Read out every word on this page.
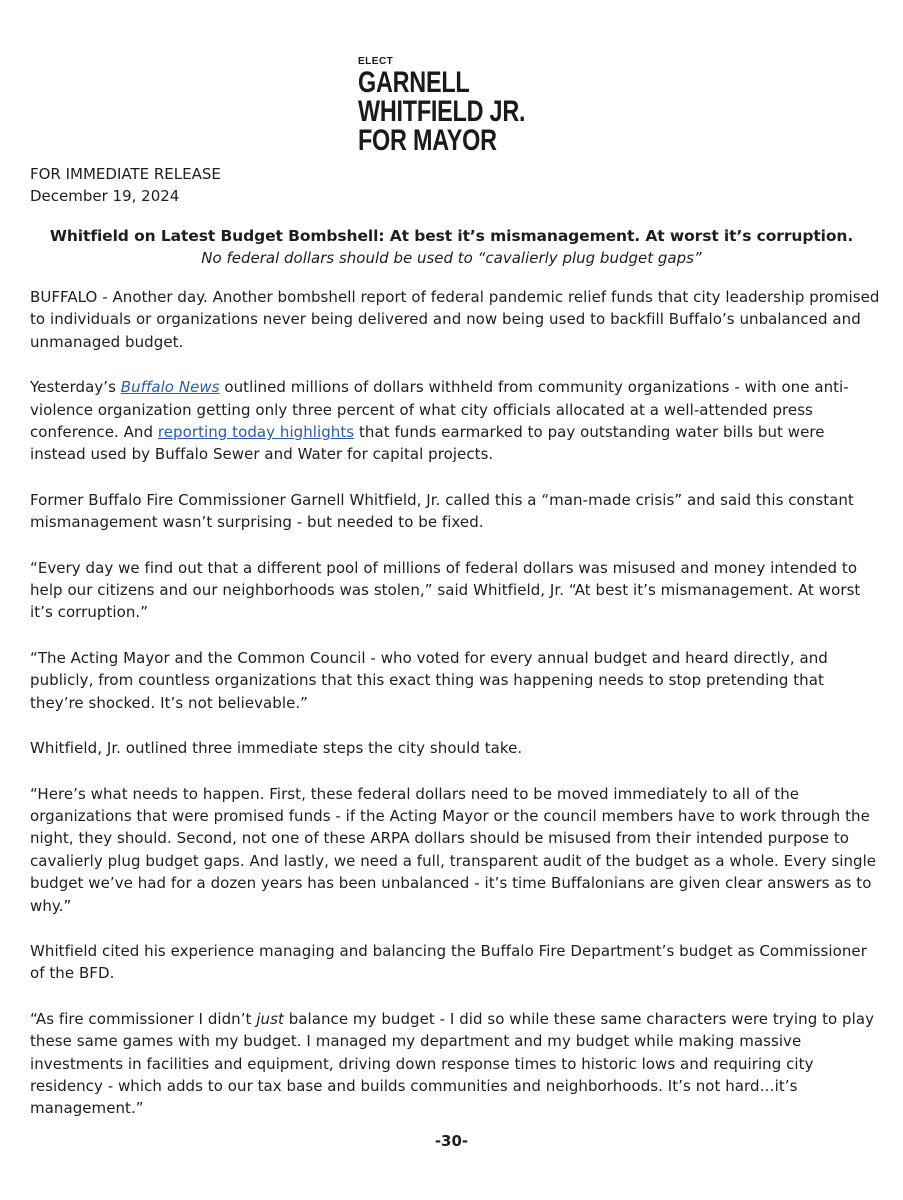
ELECT
GARNELL
WHITFIELD JR.
FOR MAYOR
FOR IMMEDIATE RELEASE
December 19, 2024
Whitfield on Latest Budget Bombshell: At best it’s mismanagement. At worst it’s corruption.
No federal dollars should be used to “cavalierly plug budget gaps”

BUFFALO - Another day. Another bombshell report of federal pandemic relief funds that city leadership promised to individuals or organizations never being delivered and now being used to backfill Buffalo’s unbalanced and unmanaged budget.

Yesterday’s Buffalo News outlined millions of dollars withheld from community organizations - with one anti-violence organization getting only three percent of what city officials allocated at a well-attended press conference. And reporting today highlights that funds earmarked to pay outstanding water bills but were instead used by Buffalo Sewer and Water for capital projects.

Former Buffalo Fire Commissioner Garnell Whitfield, Jr. called this a “man-made crisis” and said this constant mismanagement wasn’t surprising - but needed to be fixed.

“Every day we find out that a different pool of millions of federal dollars was misused and money intended to help our citizens and our neighborhoods was stolen,” said Whitfield, Jr. “At best it’s mismanagement. At worst it’s corruption.”

“The Acting Mayor and the Common Council - who voted for every annual budget and heard directly, and publicly, from countless organizations that this exact thing was happening needs to stop pretending that they’re shocked. It’s not believable.”

Whitfield, Jr. outlined three immediate steps the city should take.

“Here’s what needs to happen. First, these federal dollars need to be moved immediately to all of the organizations that were promised funds - if the Acting Mayor or the council members have to work through the night, they should. Second, not one of these ARPA dollars should be misused from their intended purpose to cavalierly plug budget gaps. And lastly, we need a full, transparent audit of the budget as a whole. Every single budget we’ve had for a dozen years has been unbalanced - it’s time Buffalonians are given clear answers as to why.”

Whitfield cited his experience managing and balancing the Buffalo Fire Department’s budget as Commissioner of the BFD.

“As fire commissioner I didn’t just balance my budget - I did so while these same characters were trying to play these same games with my budget. I managed my department and my budget while making massive investments in facilities and equipment, driving down response times to historic lows and requiring city residency - which adds to our tax base and builds communities and neighborhoods. It’s not hard…it’s management.”

-30-
